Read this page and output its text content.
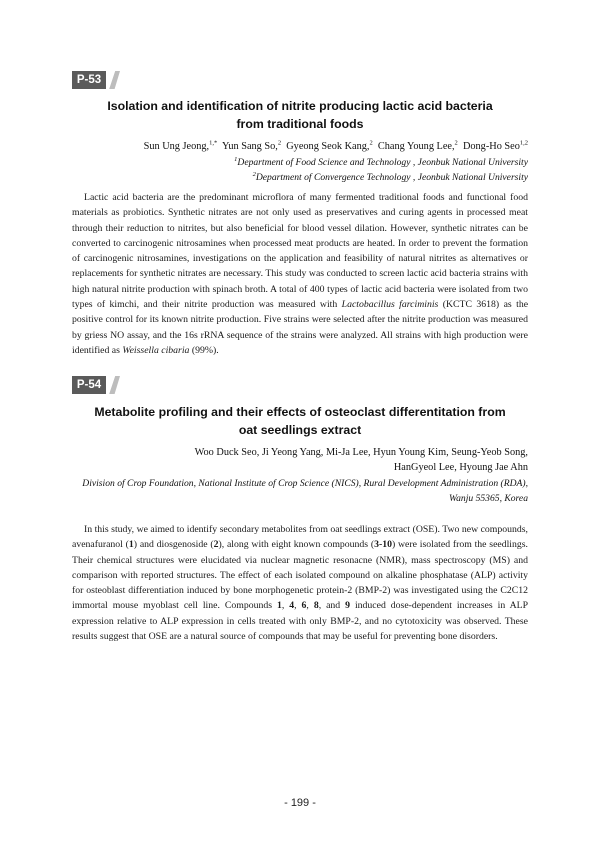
P-53
Isolation and identification of nitrite producing lactic acid bacteria
from traditional foods
Sun Ung Jeong,$^{1,*}$ Yun Sang So,$^2$ Gyeong Seok Kang,$^2$ Chang Young Lee,$^2$ Dong-Ho Seo$^{1,2}$
$^1$Department of Food Science and Technology , Jeonbuk National University
$^2$Department of Convergence Technology , Jeonbuk National University

Lactic acid bacteria are the predominant microflora of many fermented traditional foods and functional food materials as probiotics. Synthetic nitrates are not only used as preservatives and curing agents in processed meat through their reduction to nitrites, but also beneficial for blood vessel dilation. However, synthetic nitrates can be converted to carcinogenic nitrosamines when processed meat products are heated. In order to prevent the formation of carcinogenic nitrosamines, investigations on the application and feasibility of natural nitrites as alternatives or replacements for synthetic nitrates are necessary. This study was conducted to screen lactic acid bacteria strains with high natural nitrite production with spinach broth. A total of 400 types of lactic acid bacteria were isolated from two types of kimchi, and their nitrite production was measured with Lactobacillus farciminis (KCTC 3618) as the positive control for its known nitrite production. Five strains were selected after the nitrite production was measured by griess NO assay, and the 16s rRNA sequence of the strains were analyzed. All strains with high production were identified as Weissella cibaria (99%).

P-54
Metabolite profiling and their effects of osteoclast differentitation from
oat seedlings extract
Woo Duck Seo, Ji Yeong Yang, Mi-Ja Lee, Hyun Young Kim, Seung-Yeob Song,
HanGyeol Lee, Hyoung Jae Ahn
Division of Crop Foundation, National Institute of Crop Science (NICS), Rural Development Administration (RDA),
Wanju 55365, Korea

In this study, we aimed to identify secondary metabolites from oat seedlings extract (OSE). Two new compounds, avenafuranol (1) and diosgenoside (2), along with eight known compounds (3-10) were isolated from the seedlings. Their chemical structures were elucidated via nuclear magnetic resonacne (NMR), mass spectroscopy (MS) and comparison with reported structures. The effect of each isolated compound on alkaline phosphatase (ALP) activity for osteoblast differentiation induced by bone morphogenetic protein-2 (BMP-2) was investigated using the C2C12 immortal mouse myoblast cell line. Compounds 1, 4, 6, 8, and 9 induced dose-dependent increases in ALP expression relative to ALP expression in cells treated with only BMP-2, and no cytotoxicity was observed. These results suggest that OSE are a natural source of compounds that may be useful for preventing bone disorders.

- 199 -
